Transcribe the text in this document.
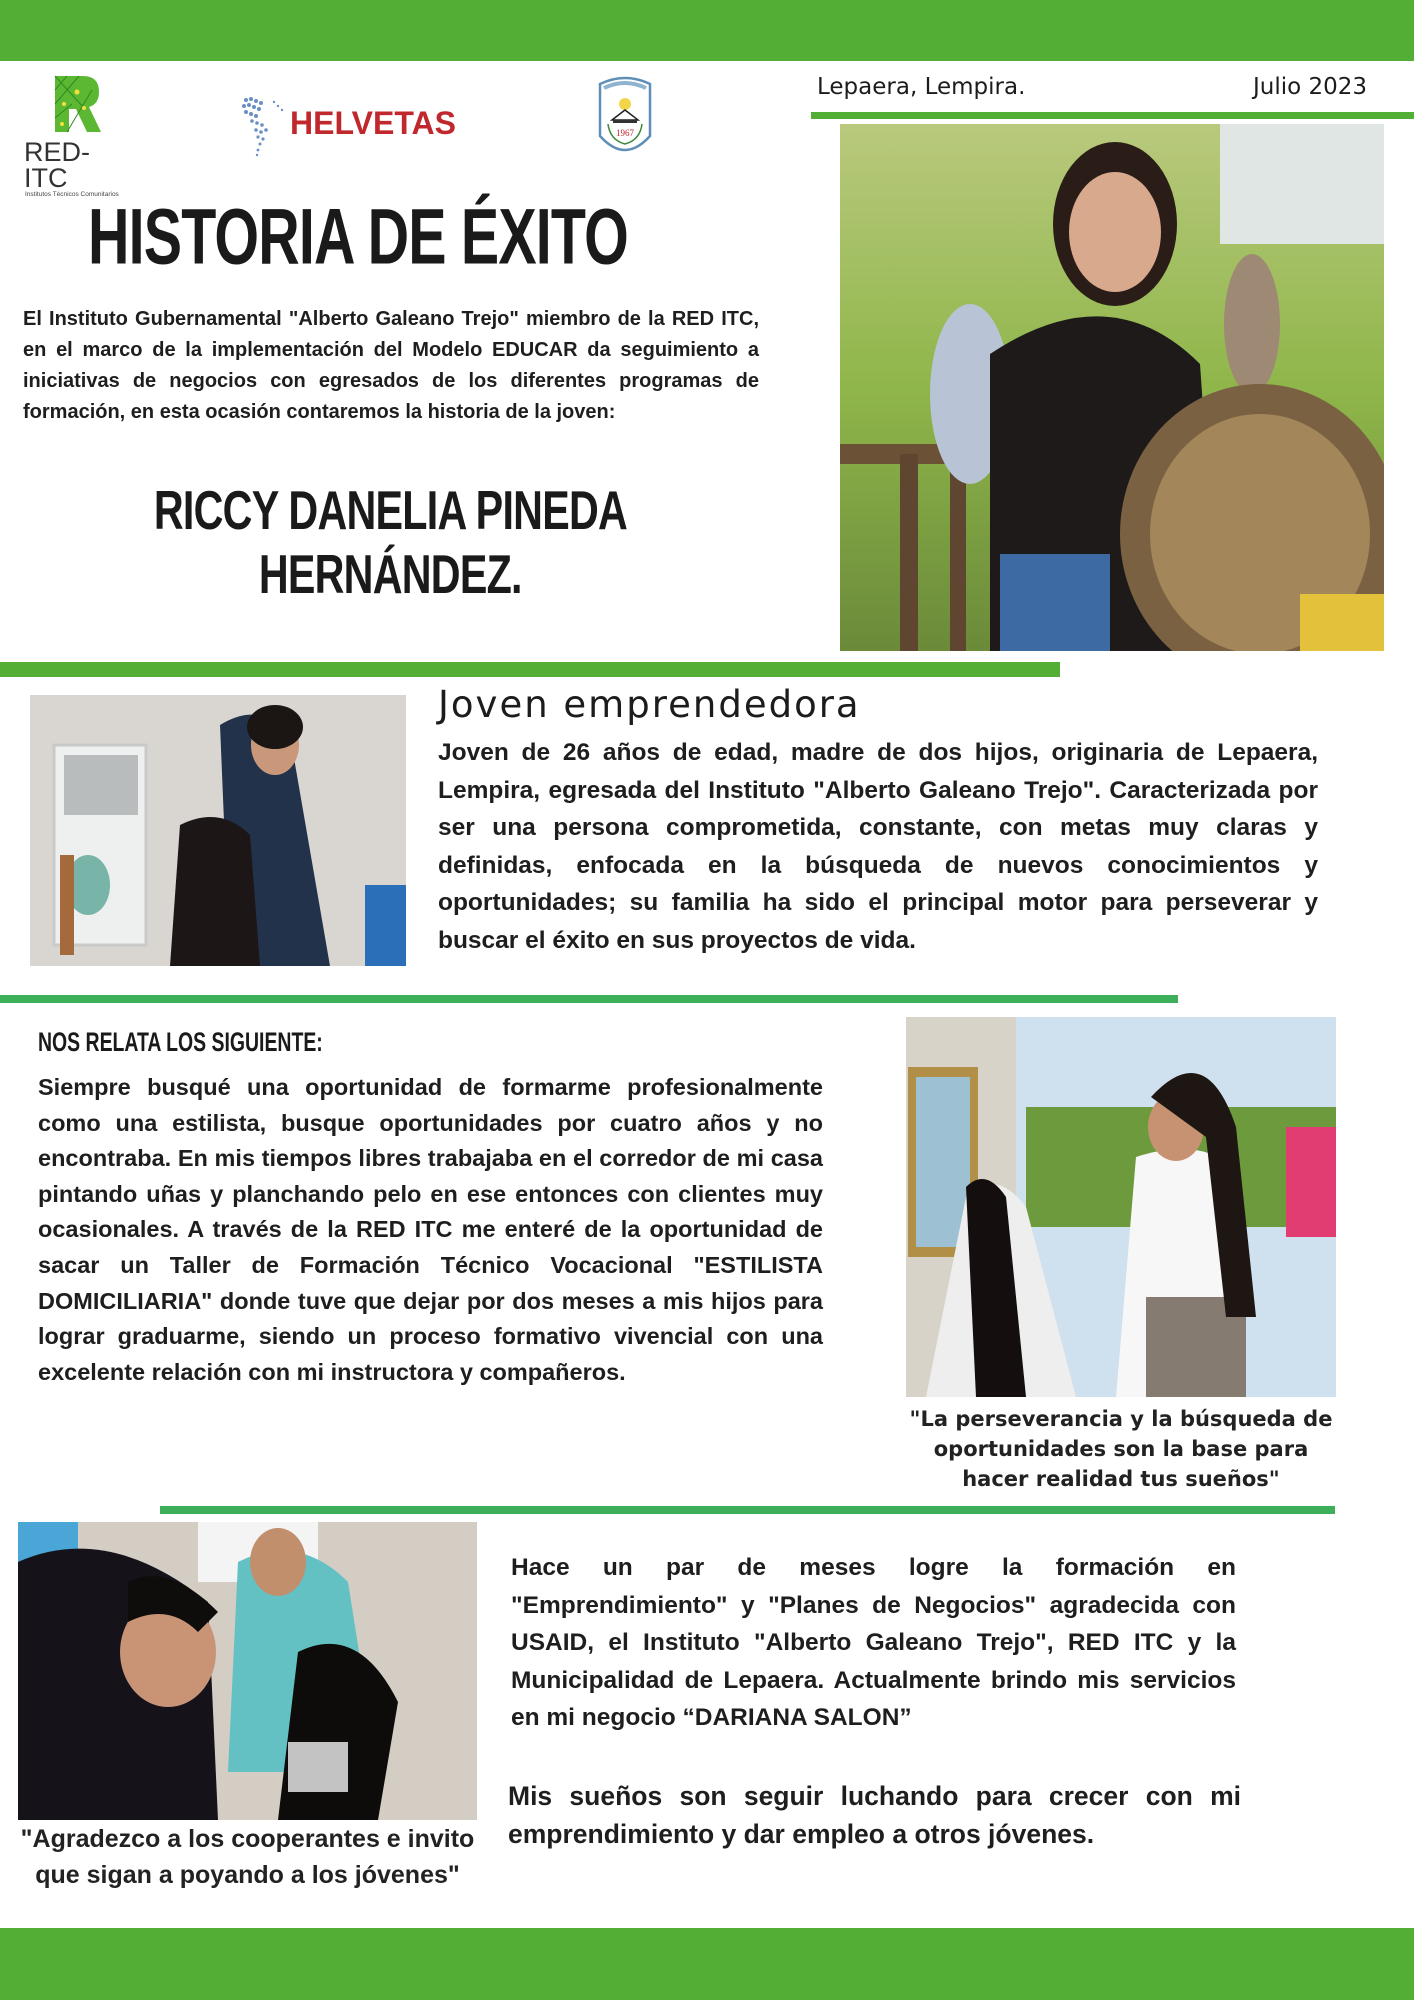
RED-ITC
Institutos Técnicos Comunitarios
HELVETAS	1967
Lepaera, Lempira.	Julio 2023
HISTORIA DE ÉXITO
El Instituto Gubernamental "Alberto Galeano Trejo" miembro de la RED ITC, en el marco de la implementación del Modelo EDUCAR da seguimiento a iniciativas de negocios con egresados de los diferentes programas de formación, en esta ocasión contaremos la historia de la joven:
RICCY DANELIA PINEDA
HERNÁNDEZ.
Joven emprendedora
Joven de 26 años de edad, madre de dos hijos, originaria de Lepaera, Lempira, egresada del Instituto "Alberto Galeano Trejo". Caracterizada por ser una persona comprometida, constante, con metas muy claras y definidas, enfocada en la búsqueda de nuevos conocimientos y oportunidades; su familia ha sido el principal motor para perseverar y buscar el éxito en sus proyectos de vida.
NOS RELATA LOS SIGUIENTE:
Siempre busqué una oportunidad de formarme profesionalmente como una estilista, busque oportunidades por cuatro años y no encontraba. En mis tiempos libres trabajaba en el corredor de mi casa pintando uñas y planchando pelo en ese entonces con clientes muy ocasionales. A través de la RED ITC me enteré de la oportunidad de sacar un Taller de Formación Técnico Vocacional "ESTILISTA DOMICILIARIA" donde tuve que dejar por dos meses a mis hijos para lograr graduarme, siendo un proceso formativo vivencial con una excelente relación con mi instructora y compañeros.
"La perseverancia y la búsqueda de oportunidades son la base para hacer realidad tus sueños"
"Agradezco a los cooperantes e invito que sigan a poyando a los jóvenes"
Hace un par de meses logre la formación en "Emprendimiento" y "Planes de Negocios" agradecida con USAID, el Instituto "Alberto Galeano Trejo", RED ITC y la Municipalidad de Lepaera. Actualmente brindo mis servicios en mi negocio “DARIANA SALON”
Mis sueños son seguir luchando para crecer con mi emprendimiento y dar empleo a otros jóvenes.
